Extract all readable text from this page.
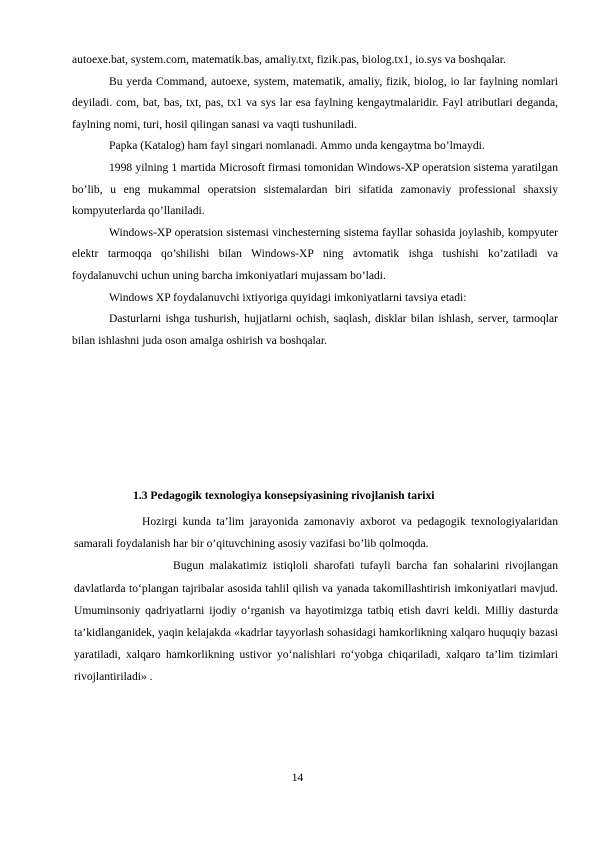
autoexe.bat, system.com, matematik.bas, amaliy.txt, fizik.pas, biolog.tx1, io.sys va boshqalar.

Bu yerda Command, autoexe, system, matematik, amaliy, fizik, biolog, io lar faylning nomlari deyiladi. com, bat, bas, txt, pas, tx1 va sys lar esa faylning kengaytmalaridir. Fayl atributlari deganda, faylning nomi, turi, hosil qilingan sanasi va vaqti tushuniladi.

Papka (Katalog) ham fayl singari nomlanadi. Ammo unda kengaytma bo’lmaydi.

1998 yilning 1 martida Microsoft firmasi tomonidan Windows-XP operatsion sistema yaratilgan bo’lib, u eng mukammal operatsion sistemalardan biri sifatida zamonaviy professional shaxsiy kompyuterlarda qo’llaniladi.

Windows-XP operatsion sistemasi vinchesterning sistema fayllar sohasida joylashib, kompyuter elektr tarmoqqa qo’shilishi bilan Windows-XP ning avtomatik ishga tushishi ko’zatiladi va foydalanuvchi uchun uning barcha imkoniyatlari mujassam bo’ladi.

Windows XP foydalanuvchi ixtiyoriga quyidagi imkoniyatlarni tavsiya etadi:

Dasturlarni ishga tushurish, hujjatlarni ochish, saqlash, disklar bilan ishlash, server, tarmoqlar bilan ishlashni juda oson amalga oshirish va boshqalar.

1.3 Pedagogik texnologiya konsepsiyasining rivojlanish tarixi

Hozirgi kunda ta’lim jarayonida zamonaviy axborot va pedagogik texnologiyalaridan samarali foydalanish har bir o’qituvchining asosiy vazifasi bo’lib qolmoqda.

Bugun malakatimiz istiqloli sharofati tufayli barcha fan sohalarini rivojlangan davlatlarda to‘plangan tajribalar asosida tahlil qilish va yanada takomillashtirish imkoniyatlari mavjud. Umuminsoniy qadriyatlarni ijodiy o‘rganish va hayotimizga tatbiq etish davri keldi. Milliy dasturda ta’kidlanganidek, yaqin kelajakda «kadrlar tayyorlash sohasidagi hamkorlikning xalqaro huquqiy bazasi yaratiladi, xalqaro hamkorlikning ustivor yo‘nalishlari ro‘yobga chiqariladi, xalqaro ta’lim tizimlari rivojlantiriladi» .

14
